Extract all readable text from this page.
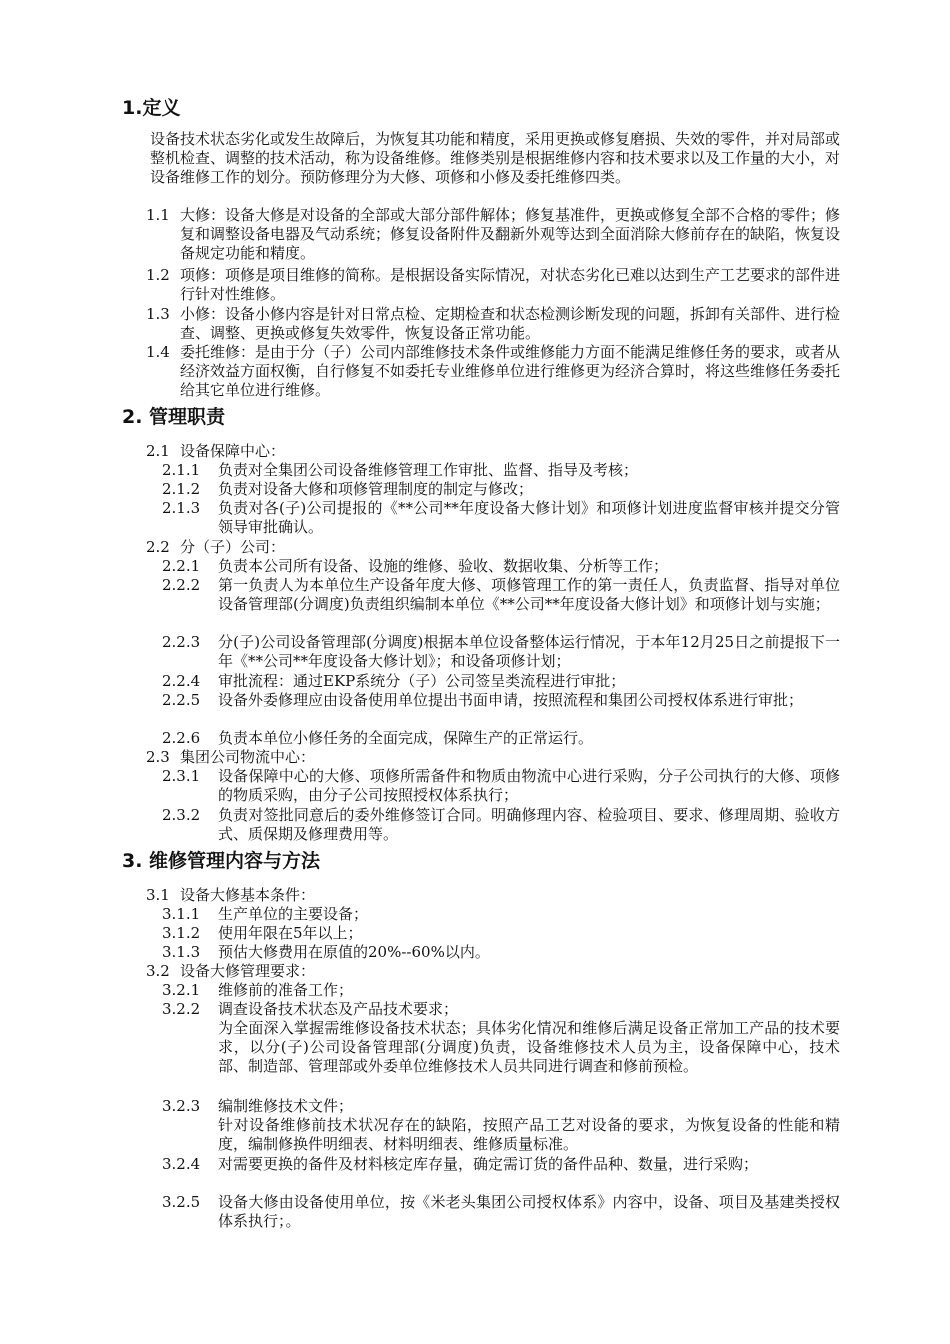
1.定义
设备技术状态劣化或发生故障后，为恢复其功能和精度，采用更换或修复磨损、失效的零件，并对局部或整机检查、调整的技术活动，称为设备维修。维修类别是根据维修内容和技术要求以及工作量的大小，对设备维修工作的划分。预防修理分为大修、项修和小修及委托维修四类。
1.1 大修：设备大修是对设备的全部或大部分部件解体；修复基准件，更换或修复全部不合格的零件；修复和调整设备电器及气动系统；修复设备附件及翻新外观等达到全面消除大修前存在的缺陷，恢复设备规定功能和精度。
1.2 项修：项修是项目维修的简称。是根据设备实际情况，对状态劣化已难以达到生产工艺要求的部件进行针对性维修。
1.3 小修：设备小修内容是针对日常点检、定期检查和状态检测诊断发现的问题，拆卸有关部件、进行检查、调整、更换或修复失效零件，恢复设备正常功能。
1.4 委托维修：是由于分（子）公司内部维修技术条件或维修能力方面不能满足维修任务的要求，或者从经济效益方面权衡，自行修复不如委托专业维修单位进行维修更为经济合算时，将这些维修任务委托给其它单位进行维修。
2. 管理职责
2.1 设备保障中心：
2.1.1 负责对全集团公司设备维修管理工作审批、监督、指导及考核；
2.1.2 负责对设备大修和项修管理制度的制定与修改；
2.1.3 负责对各(子)公司提报的《**公司**年度设备大修计划》和项修计划进度监督审核并提交分管领导审批确认。
2.2 分（子）公司：
2.2.1 负责本公司所有设备、设施的维修、验收、数据收集、分析等工作；
2.2.2 第一负责人为本单位生产设备年度大修、项修管理工作的第一责任人，负责监督、指导对单位设备管理部(分调度)负责组织编制本单位《**公司**年度设备大修计划》和项修计划与实施；
2.2.3 分(子)公司设备管理部(分调度)根据本单位设备整体运行情况，于本年12月25日之前提报下一年《**公司**年度设备大修计划》；和设备项修计划；
2.2.4 审批流程：通过EKP系统分（子）公司签呈类流程进行审批；
2.2.5 设备外委修理应由设备使用单位提出书面申请，按照流程和集团公司授权体系进行审批；
2.2.6 负责本单位小修任务的全面完成，保障生产的正常运行。
2.3 集团公司物流中心：
2.3.1 设备保障中心的大修、项修所需备件和物质由物流中心进行采购，分子公司执行的大修、项修的物质采购，由分子公司按照授权体系执行；
2.3.2 负责对签批同意后的委外维修签订合同。明确修理内容、检验项目、要求、修理周期、验收方式、质保期及修理费用等。
3. 维修管理内容与方法
3.1 设备大修基本条件：
3.1.1 生产单位的主要设备；
3.1.2 使用年限在5年以上；
3.1.3 预估大修费用在原值的20%--60%以内。
3.2 设备大修管理要求：
3.2.1 维修前的准备工作；
3.2.2 调查设备技术状态及产品技术要求；
为全面深入掌握需维修设备技术状态；具体劣化情况和维修后满足设备正常加工产品的技术要求，以分(子)公司设备管理部(分调度)负责，设备维修技术人员为主，设备保障中心，技术部、制造部、管理部或外委单位维修技术人员共同进行调查和修前预检。
3.2.3 编制维修技术文件；
针对设备维修前技术状况存在的缺陷，按照产品工艺对设备的要求，为恢复设备的性能和精度，编制修换件明细表、材料明细表、维修质量标准。
3.2.4 对需要更换的备件及材料核定库存量，确定需订货的备件品种、数量，进行采购；
3.2.5 设备大修由设备使用单位，按《米老头集团公司授权体系》内容中，设备、项目及基建类授权体系执行；。
